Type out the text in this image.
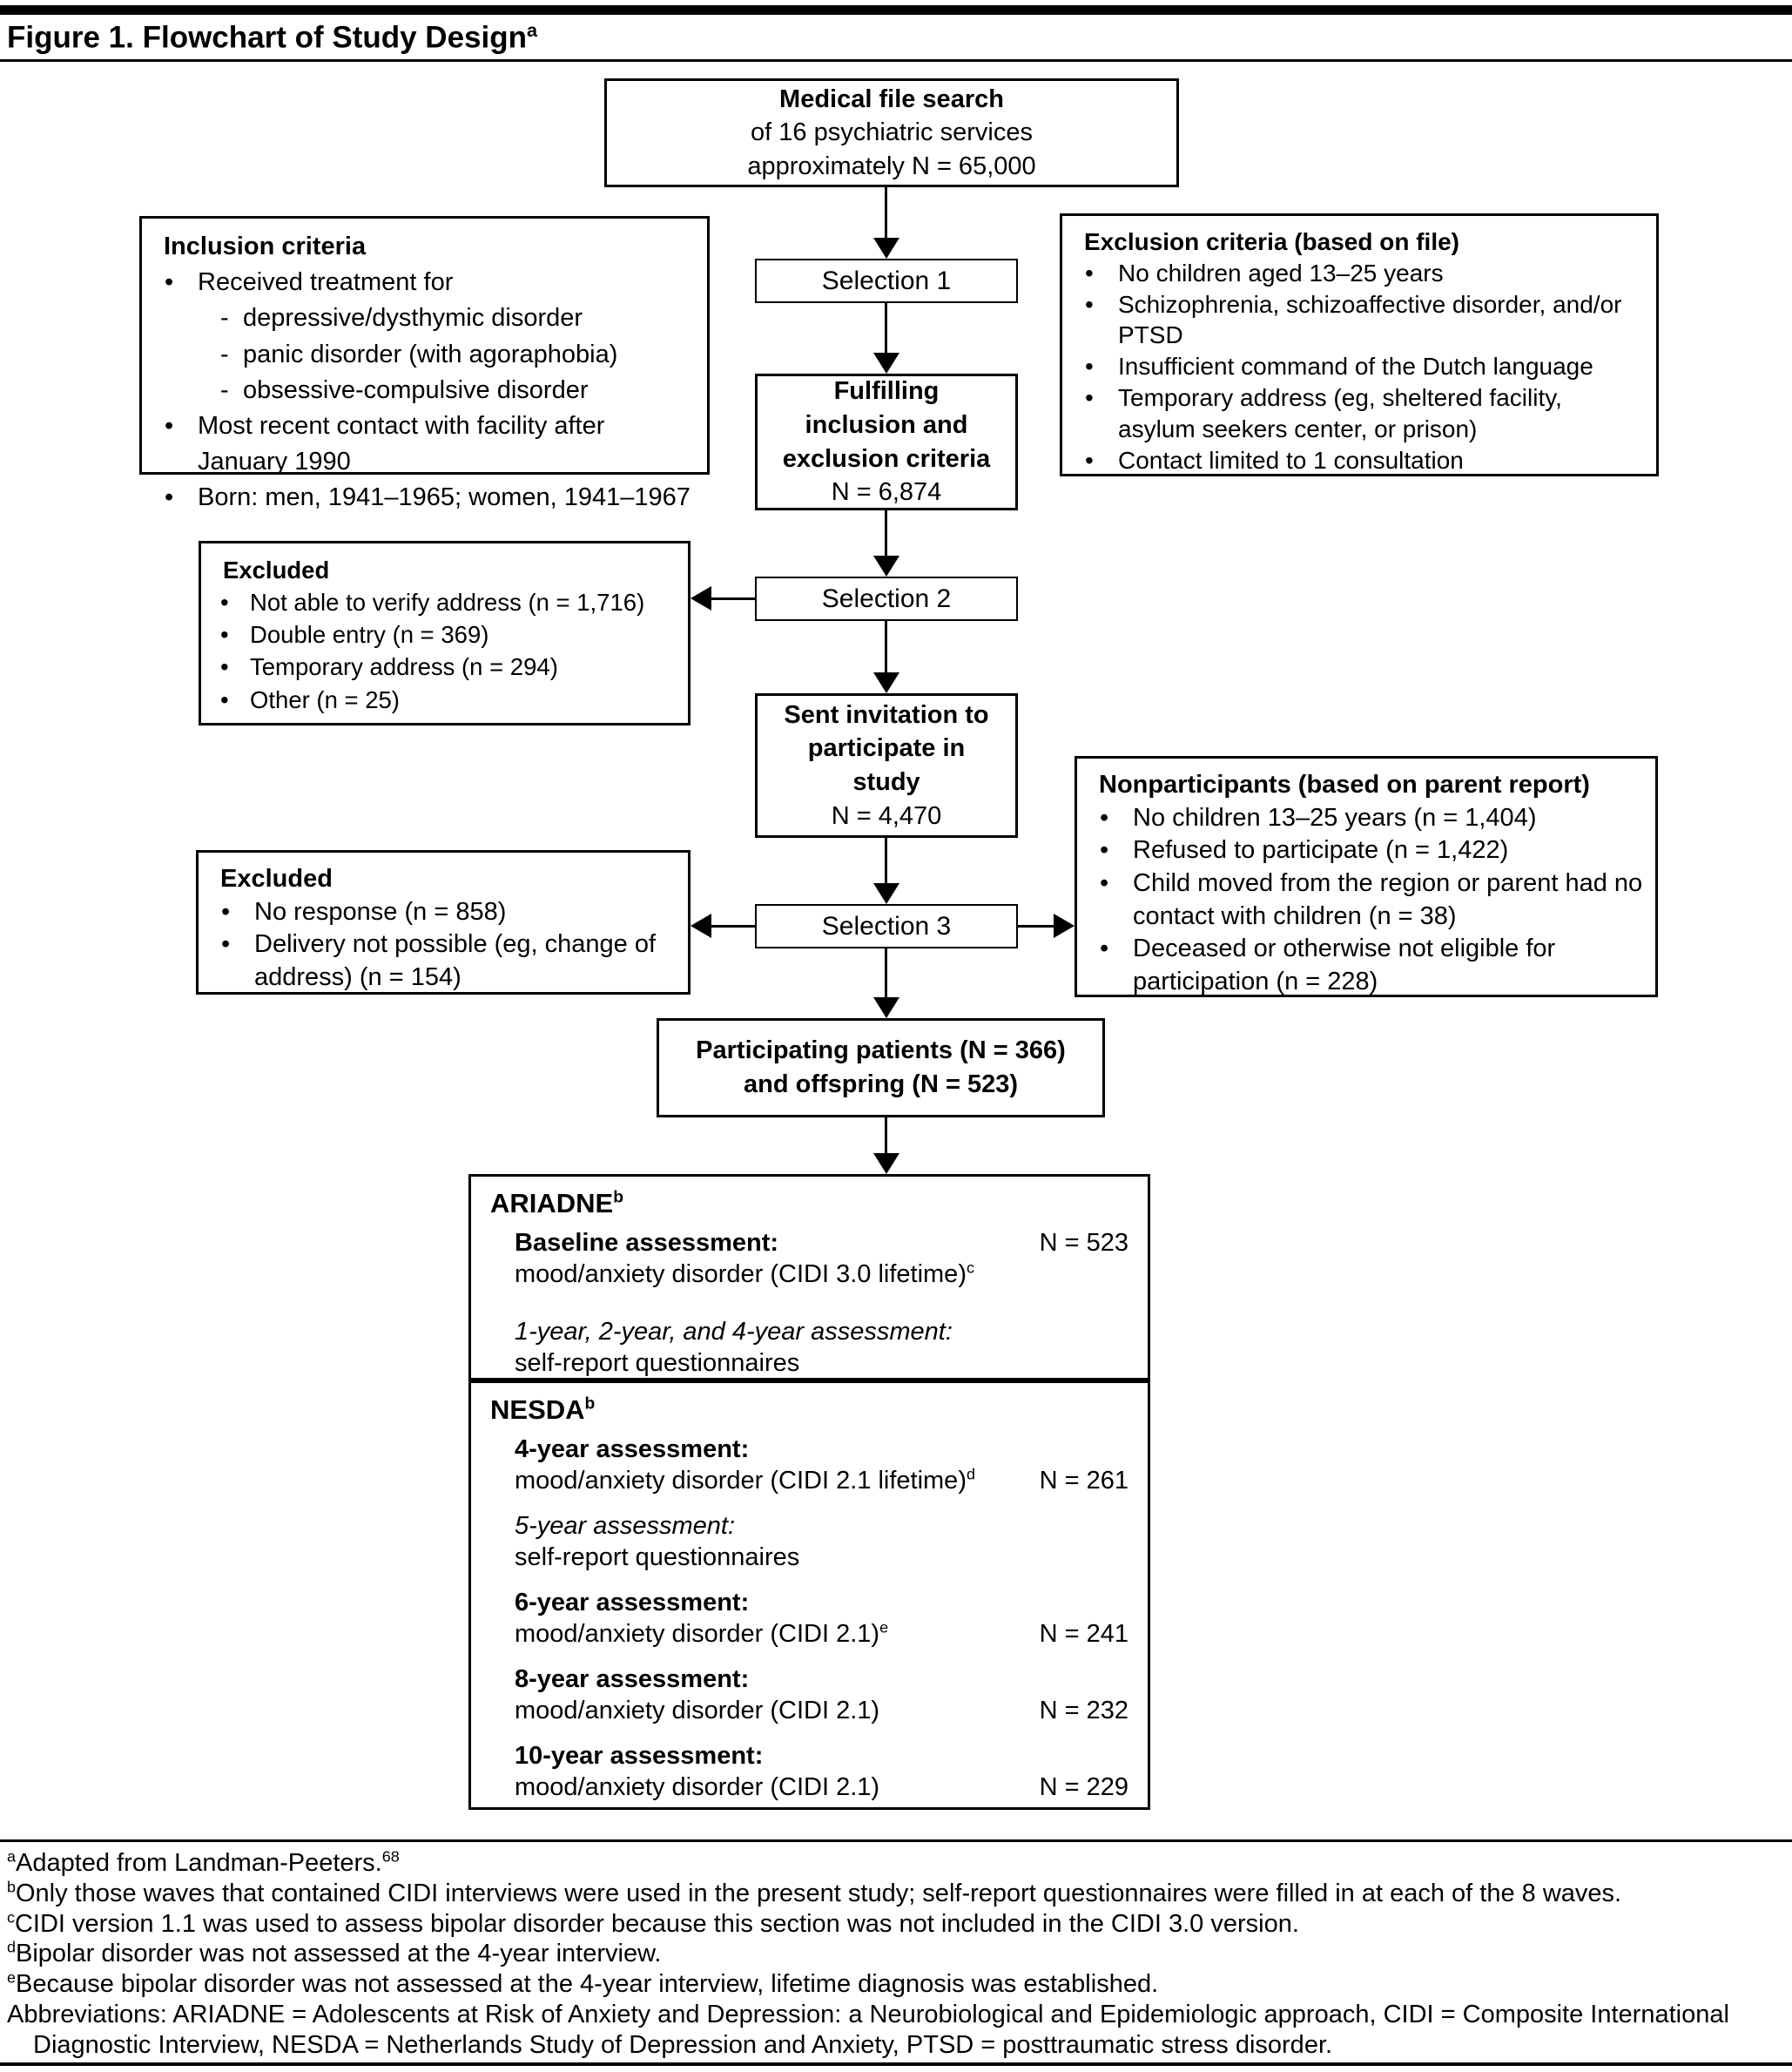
Figure 1. Flowchart of Study Design$^a$
Medical file search
of 16 psychiatric services
approximately N = 65,000
Inclusion criteria
• Received treatment for
- depressive/dysthymic disorder
- panic disorder (with agoraphobia)
- obsessive-compulsive disorder
• Most recent contact with facility after January 1990
• Born: men, 1941–1965; women, 1941–1967
Exclusion criteria (based on file)
• No children aged 13–25 years
• Schizophrenia, schizoaffective disorder, and/or PTSD
• Insufficient command of the Dutch language
• Temporary address (eg, sheltered facility, asylum seekers center, or prison)
• Contact limited to 1 consultation
Selection 1
Fulfilling
inclusion and
exclusion criteria
N = 6,874
Excluded
• Not able to verify address (n = 1,716)
• Double entry (n = 369)
• Temporary address (n = 294)
• Other (n = 25)
Selection 2
Sent invitation to
participate in
study
N = 4,470
Nonparticipants (based on parent report)
• No children 13–25 years (n = 1,404)
• Refused to participate (n = 1,422)
• Child moved from the region or parent had no contact with children (n = 38)
• Deceased or otherwise not eligible for participation (n = 228)
Excluded
• No response (n = 858)
• Delivery not possible (eg, change of address) (n = 154)
Selection 3
Participating patients (N = 366)
and offspring (N = 523)
ARIADNE$^b$
Baseline assessment:
mood/anxiety disorder (CIDI 3.0 lifetime)$^c$
N = 523
1-year, 2-year, and 4-year assessment:
self-report questionnaires
NESDA$^b$
4-year assessment:
mood/anxiety disorder (CIDI 2.1 lifetime)$^d$	N = 261
5-year assessment:
self-report questionnaires
6-year assessment:
mood/anxiety disorder (CIDI 2.1)$^e$	N = 241
8-year assessment:
mood/anxiety disorder (CIDI 2.1)	N = 232
10-year assessment:
mood/anxiety disorder (CIDI 2.1)	N = 229
$^a$Adapted from Landman-Peeters.$^{68}$
$^b$Only those waves that contained CIDI interviews were used in the present study; self-report questionnaires were filled in at each of the 8 waves.
$^c$CIDI version 1.1 was used to assess bipolar disorder because this section was not included in the CIDI 3.0 version.
$^d$Bipolar disorder was not assessed at the 4-year interview.
$^e$Because bipolar disorder was not assessed at the 4-year interview, lifetime diagnosis was established.
Abbreviations: ARIADNE = Adolescents at Risk of Anxiety and Depression: a Neurobiological and Epidemiologic approach, CIDI = Composite International Diagnostic Interview, NESDA = Netherlands Study of Depression and Anxiety, PTSD = posttraumatic stress disorder.
